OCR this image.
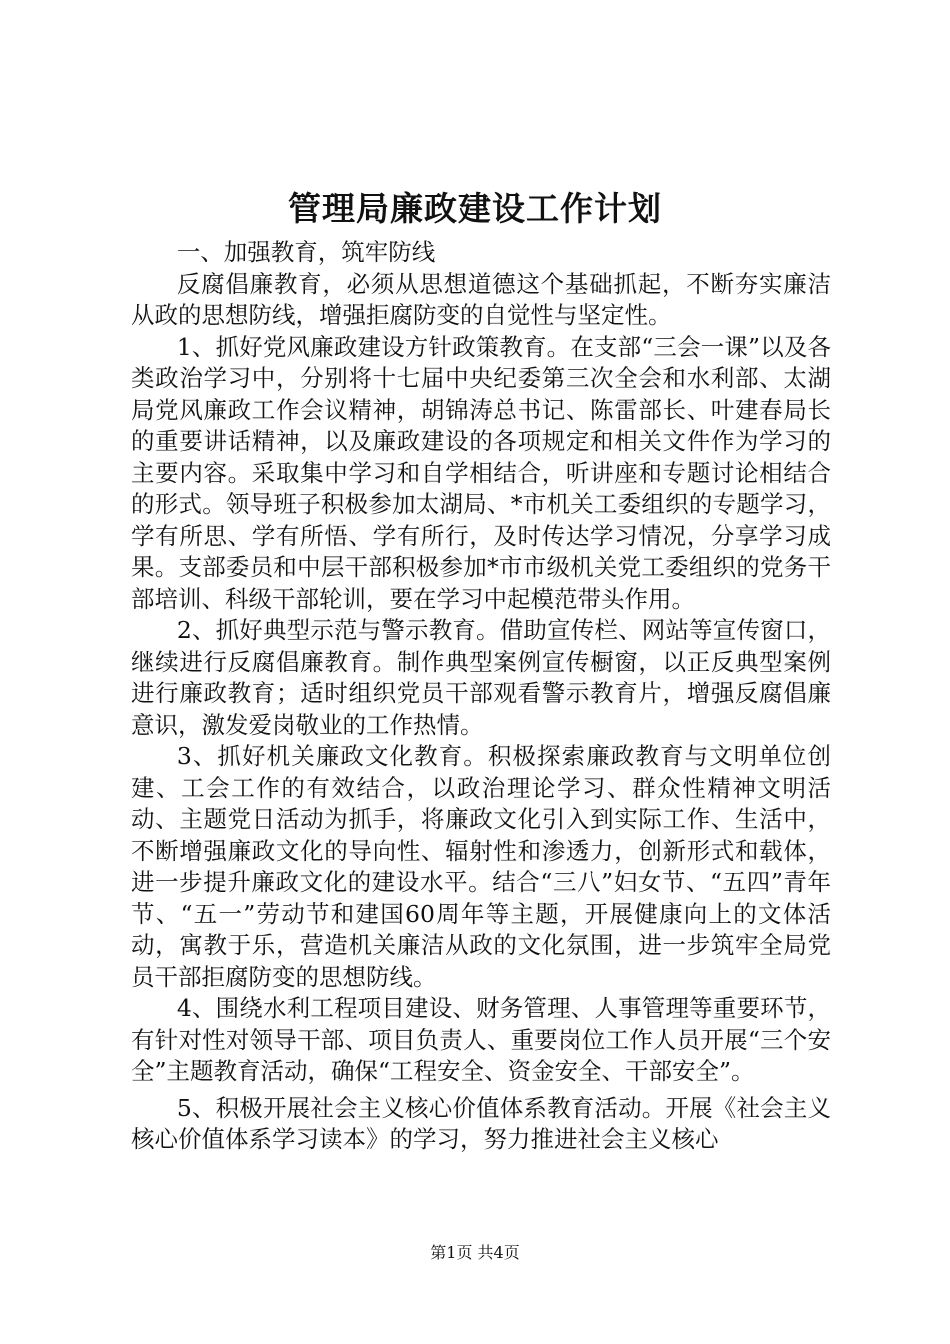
管理局廉政建设工作计划

一、加强教育，筑牢防线

反腐倡廉教育，必须从思想道德这个基础抓起，不断夯实廉洁从政的思想防线，增强拒腐防变的自觉性与坚定性。

1、抓好党风廉政建设方针政策教育。在支部“三会一课”以及各类政治学习中，分别将十七届中央纪委第三次全会和水利部、太湖局党风廉政工作会议精神，胡锦涛总书记、陈雷部长、叶建春局长的重要讲话精神，以及廉政建设的各项规定和相关文件作为学习的主要内容。采取集中学习和自学相结合，听讲座和专题讨论相结合的形式。领导班子积极参加太湖局、*市机关工委组织的专题学习，学有所思、学有所悟、学有所行，及时传达学习情况，分享学习成果。支部委员和中层干部积极参加*市市级机关党工委组织的党务干部培训、科级干部轮训，要在学习中起模范带头作用。

2、抓好典型示范与警示教育。借助宣传栏、网站等宣传窗口，继续进行反腐倡廉教育。制作典型案例宣传橱窗，以正反典型案例进行廉政教育；适时组织党员干部观看警示教育片，增强反腐倡廉意识，激发爱岗敬业的工作热情。

3、抓好机关廉政文化教育。积极探索廉政教育与文明单位创建、工会工作的有效结合，以政治理论学习、群众性精神文明活动、主题党日活动为抓手，将廉政文化引入到实际工作、生活中，不断增强廉政文化的导向性、辐射性和渗透力，创新形式和载体，进一步提升廉政文化的建设水平。结合“三八”妇女节、“五四”青年节、“五一”劳动节和建国60周年等主题，开展健康向上的文体活动，寓教于乐，营造机关廉洁从政的文化氛围，进一步筑牢全局党员干部拒腐防变的思想防线。

4、围绕水利工程项目建设、财务管理、人事管理等重要环节，有针对性对领导干部、项目负责人、重要岗位工作人员开展“三个安全”主题教育活动，确保“工程安全、资金安全、干部安全”。

5、积极开展社会主义核心价值体系教育活动。开展《社会主义核心价值体系学习读本》的学习，努力推进社会主义核心

第1页 共4页
